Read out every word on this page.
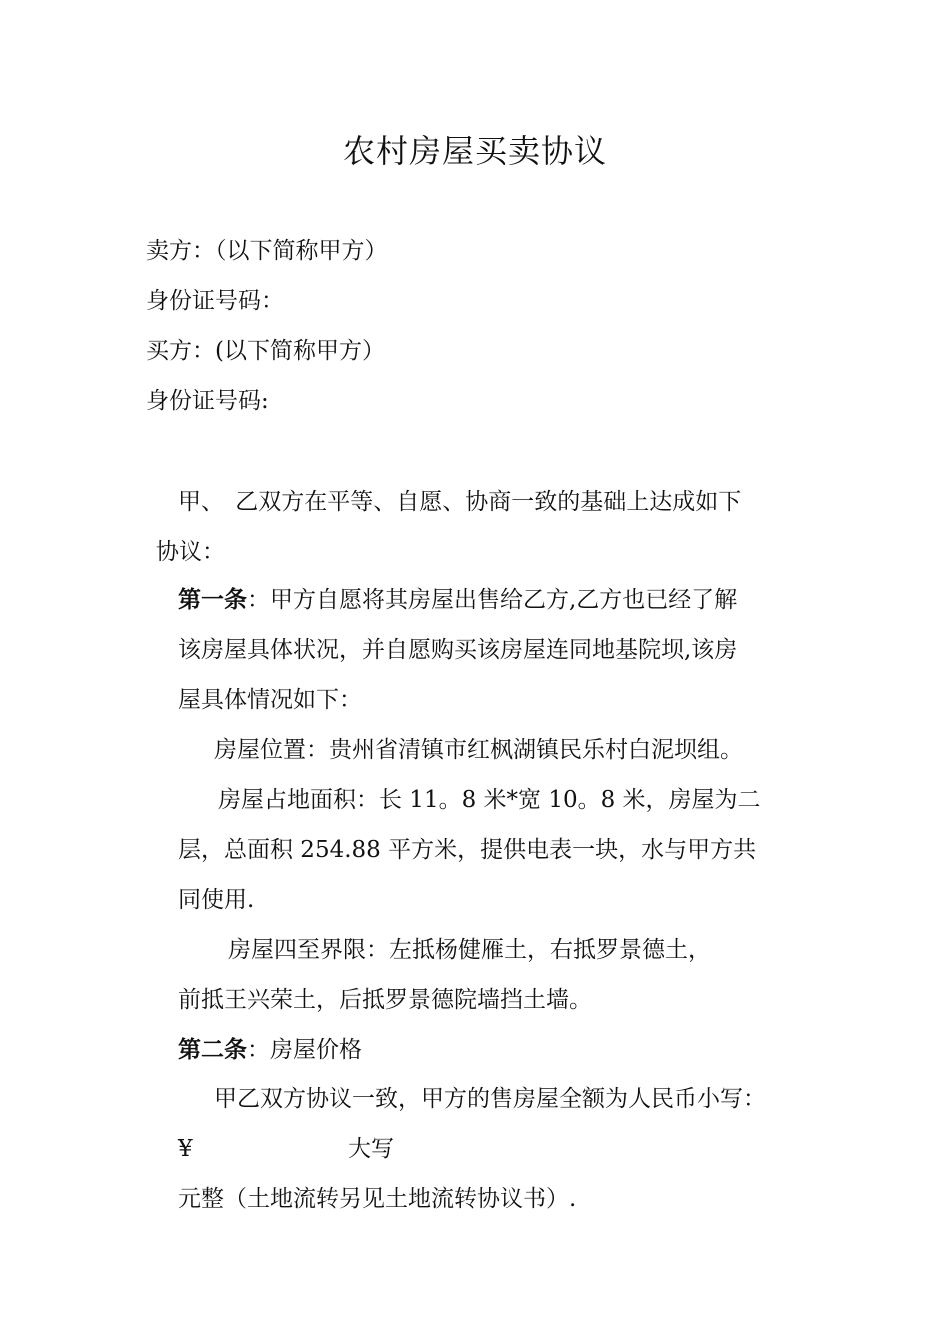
农村房屋买卖协议
卖方：（以下简称甲方）
身份证号码：
买方：(以下简称甲方）
身份证号码:
甲、 乙双方在平等、自愿、协商一致的基础上达成如下
协议：
第一条：甲方自愿将其房屋出售给乙方,乙方也已经了解
该房屋具体状况，并自愿购买该房屋连同地基院坝,该房
屋具体情况如下：
房屋位置：贵州省清镇市红枫湖镇民乐村白泥坝组。
房屋占地面积：长 11。8 米*宽 10。8 米，房屋为二
层，总面积 254.88 平方米，提供电表一块，水与甲方共
同使用.
房屋四至界限：左抵杨健雁土，右抵罗景德土，
前抵王兴荣土，后抵罗景德院墙挡土墙。
第二条：房屋价格
甲乙双方协议一致，甲方的售房屋全额为人民币小写：
¥	大写
元整（土地流转另见土地流转协议书）.
